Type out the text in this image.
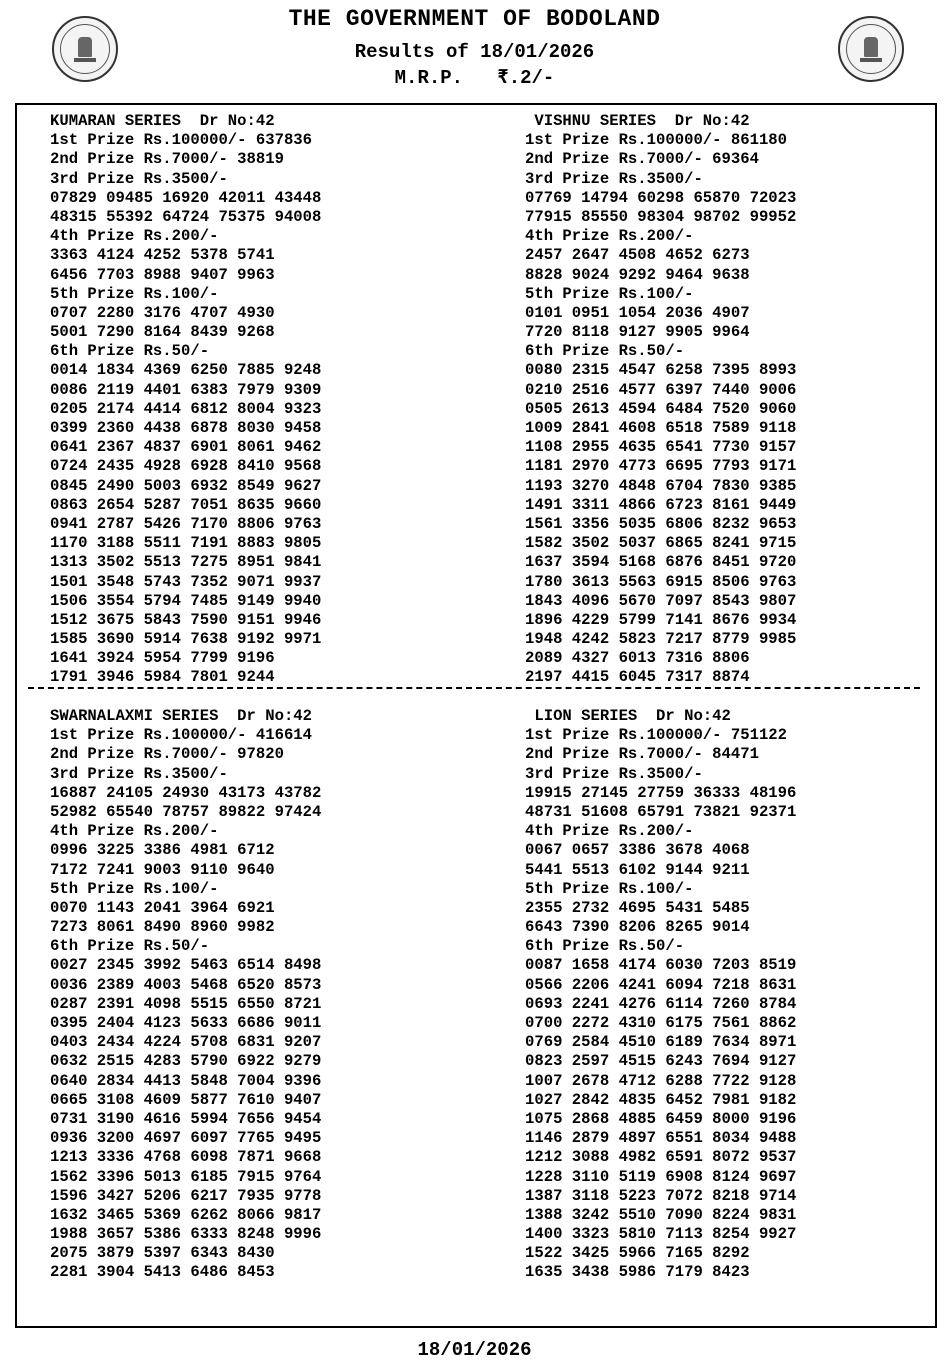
THE GOVERNMENT OF BODOLAND
Results of 18/01/2026
M.R.P.   ₹.2/-
KUMARAN SERIES  Dr No:42
1st Prize Rs.100000/- 637836
2nd Prize Rs.7000/- 38819
3rd Prize Rs.3500/-
07829 09485 16920 42011 43448
48315 55392 64724 75375 94008
4th Prize Rs.200/-
3363 4124 4252 5378 5741
6456 7703 8988 9407 9963
5th Prize Rs.100/-
0707 2280 3176 4707 4930
5001 7290 8164 8439 9268
6th Prize Rs.50/-
0014 1834 4369 6250 7885 9248
0086 2119 4401 6383 7979 9309
0205 2174 4414 6812 8004 9323
0399 2360 4438 6878 8030 9458
0641 2367 4837 6901 8061 9462
0724 2435 4928 6928 8410 9568
0845 2490 5003 6932 8549 9627
0863 2654 5287 7051 8635 9660
0941 2787 5426 7170 8806 9763
1170 3188 5511 7191 8883 9805
1313 3502 5513 7275 8951 9841
1501 3548 5743 7352 9071 9937
1506 3554 5794 7485 9149 9940
1512 3675 5843 7590 9151 9946
1585 3690 5914 7638 9192 9971
1641 3924 5954 7799 9196
1791 3946 5984 7801 9244
VISHNU SERIES  Dr No:42
1st Prize Rs.100000/- 861180
2nd Prize Rs.7000/- 69364
3rd Prize Rs.3500/-
07769 14794 60298 65870 72023
77915 85550 98304 98702 99952
4th Prize Rs.200/-
2457 2647 4508 4652 6273
8828 9024 9292 9464 9638
5th Prize Rs.100/-
0101 0951 1054 2036 4907
7720 8118 9127 9905 9964
6th Prize Rs.50/-
0080 2315 4547 6258 7395 8993
0210 2516 4577 6397 7440 9006
0505 2613 4594 6484 7520 9060
1009 2841 4608 6518 7589 9118
1108 2955 4635 6541 7730 9157
1181 2970 4773 6695 7793 9171
1193 3270 4848 6704 7830 9385
1491 3311 4866 6723 8161 9449
1561 3356 5035 6806 8232 9653
1582 3502 5037 6865 8241 9715
1637 3594 5168 6876 8451 9720
1780 3613 5563 6915 8506 9763
1843 4096 5670 7097 8543 9807
1896 4229 5799 7141 8676 9934
1948 4242 5823 7217 8779 9985
2089 4327 6013 7316 8806
2197 4415 6045 7317 8874
SWARNALAXMI SERIES  Dr No:42
1st Prize Rs.100000/- 416614
2nd Prize Rs.7000/- 97820
3rd Prize Rs.3500/-
16887 24105 24930 43173 43782
52982 65540 78757 89822 97424
4th Prize Rs.200/-
0996 3225 3386 4981 6712
7172 7241 9003 9110 9640
5th Prize Rs.100/-
0070 1143 2041 3964 6921
7273 8061 8490 8960 9982
6th Prize Rs.50/-
0027 2345 3992 5463 6514 8498
0036 2389 4003 5468 6520 8573
0287 2391 4098 5515 6550 8721
0395 2404 4123 5633 6686 9011
0403 2434 4224 5708 6831 9207
0632 2515 4283 5790 6922 9279
0640 2834 4413 5848 7004 9396
0665 3108 4609 5877 7610 9407
0731 3190 4616 5994 7656 9454
0936 3200 4697 6097 7765 9495
1213 3336 4768 6098 7871 9668
1562 3396 5013 6185 7915 9764
1596 3427 5206 6217 7935 9778
1632 3465 5369 6262 8066 9817
1988 3657 5386 6333 8248 9996
2075 3879 5397 6343 8430
2281 3904 5413 6486 8453
LION SERIES  Dr No:42
1st Prize Rs.100000/- 751122
2nd Prize Rs.7000/- 84471
3rd Prize Rs.3500/-
19915 27145 27759 36333 48196
48731 51608 65791 73821 92371
4th Prize Rs.200/-
0067 0657 3386 3678 4068
5441 5513 6102 9144 9211
5th Prize Rs.100/-
2355 2732 4695 5431 5485
6643 7390 8206 8265 9014
6th Prize Rs.50/-
0087 1658 4174 6030 7203 8519
0566 2206 4241 6094 7218 8631
0693 2241 4276 6114 7260 8784
0700 2272 4310 6175 7561 8862
0769 2584 4510 6189 7634 8971
0823 2597 4515 6243 7694 9127
1007 2678 4712 6288 7722 9128
1027 2842 4835 6452 7981 9182
1075 2868 4885 6459 8000 9196
1146 2879 4897 6551 8034 9488
1212 3088 4982 6591 8072 9537
1228 3110 5119 6908 8124 9697
1387 3118 5223 7072 8218 9714
1388 3242 5510 7090 8224 9831
1400 3323 5810 7113 8254 9927
1522 3425 5966 7165 8292
1635 3438 5986 7179 8423
18/01/2026
